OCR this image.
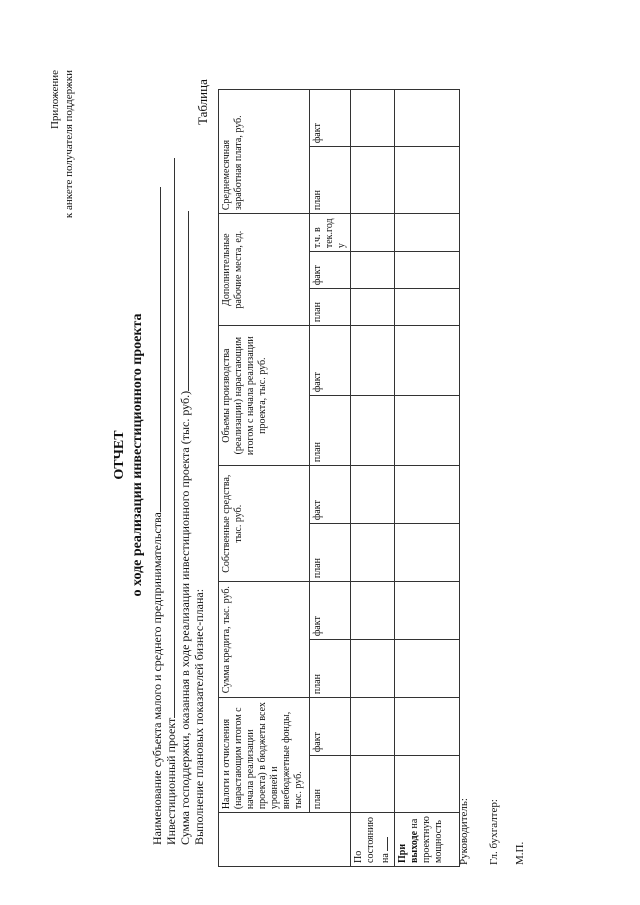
Приложение к анкете получателя поддержки
ОТЧЕТ о ходе реализации инвестиционного проекта
Наименование субъекта малого и среднего предпринимательства Инвестиционный проект Сумма господдержки, оказанная в ходе реализации инвестиционного проекта (тыс. руб.) Выполнение плановых показателей бизнес-плана:
Таблица
	Налоги и отчисления (нарастающим итогом с начала реализации проекта) в бюджеты всех уровней и внебюджетные фонды, тыс. руб.		Сумма кредита, тыс. руб.		Собственные средства, тыс. руб.		Объемы производства (реализации) нарастающим итогом с начала реализации проекта, тыс. руб.		Дополнительные рабочие места, ед.			Среднемесячная заработная плата, руб.	
	план	факт	план	факт	план	факт	план	факт	план	факт	т.ч. в тек.год у	план	факт
По состоянию на													
При выходе на проектную мощность													Руководитель: Гл. бухгалтер: М.П.
